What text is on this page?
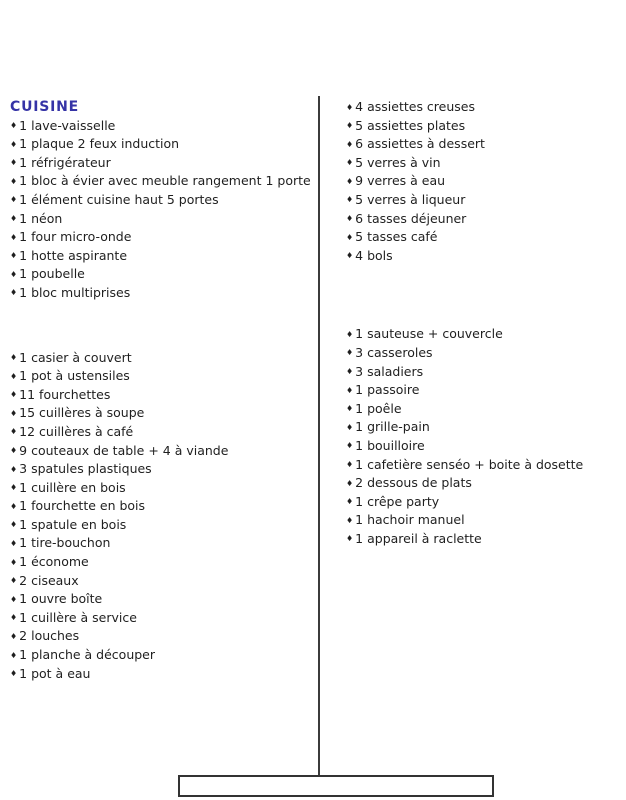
CUISINE
♦ 1 lave-vaisselle
♦ 1 plaque 2 feux induction
♦ 1 réfrigérateur
♦ 1 bloc à évier avec meuble rangement 1 porte
♦ 1 élément cuisine haut 5 portes
♦ 1 néon
♦ 1 four micro-onde
♦ 1 hotte aspirante
♦ 1 poubelle
♦ 1 bloc multiprises
♦ 1 casier à couvert
♦ 1 pot à ustensiles
♦ 11 fourchettes
♦ 15 cuillères à soupe
♦ 12 cuillères à café
♦ 9 couteaux de table + 4 à viande
♦ 3 spatules plastiques
♦ 1 cuillère en bois
♦ 1 fourchette en bois
♦ 1 spatule en bois
♦ 1 tire-bouchon
♦ 1 économe
♦ 2 ciseaux
♦ 1 ouvre boîte
♦ 1 cuillère à service
♦ 2 louches
♦ 1 planche à découper
♦ 1 pot à eau
♦ 4 assiettes creuses
♦ 5 assiettes plates
♦ 6 assiettes à dessert
♦ 5 verres à vin
♦ 9 verres à eau
♦ 5 verres à liqueur
♦ 6 tasses déjeuner
♦ 5 tasses café
♦ 4 bols
♦ 1 sauteuse + couvercle
♦ 3 casseroles
♦ 3 saladiers
♦ 1 passoire
♦ 1 poêle
♦ 1 grille-pain
♦ 1 bouilloire
♦ 1 cafetière senséo + boite à dosette
♦ 2 dessous de plats
♦ 1 crêpe party
♦ 1 hachoir manuel
♦ 1 appareil à raclette
